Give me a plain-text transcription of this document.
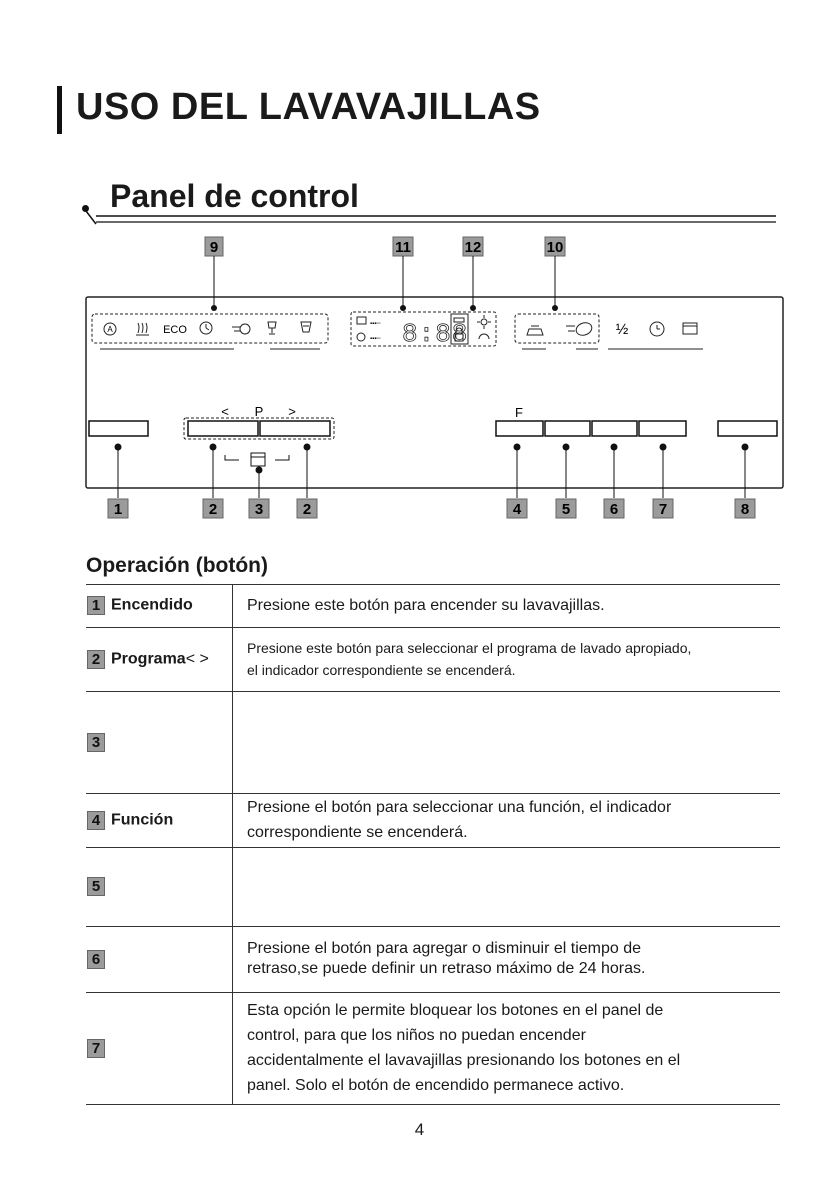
USO DEL LAVAVAJILLAS
Panel de control
9	11	12	10
A	ECO	▪▪▪▫▫
▪▪▪▫▫ 8:88	½
< P >	F
1	2	3	2	4	5	6	7	8
Operación (botón)
1 Encendido	Presione este botón para encender su lavavajillas.

2 Programa< >	Presione este botón para seleccionar el programa de lavado apropiado,
el indicador correspondiente se encenderá.

3	
4 Función	Presione el botón para seleccionar una función, el indicador
correspondiente se encenderá.

5	
6	Presione el botón para agregar o disminuir el tiempo de
retraso,se puede definir un retraso máximo de 24 horas.

7	Esta opción le permite bloquear los botones en el panel de
control, para que los niños no puedan encender
accidentalmente el lavavajillas presionando los botones en el
panel. Solo el botón de encendido permanece activo.
4
